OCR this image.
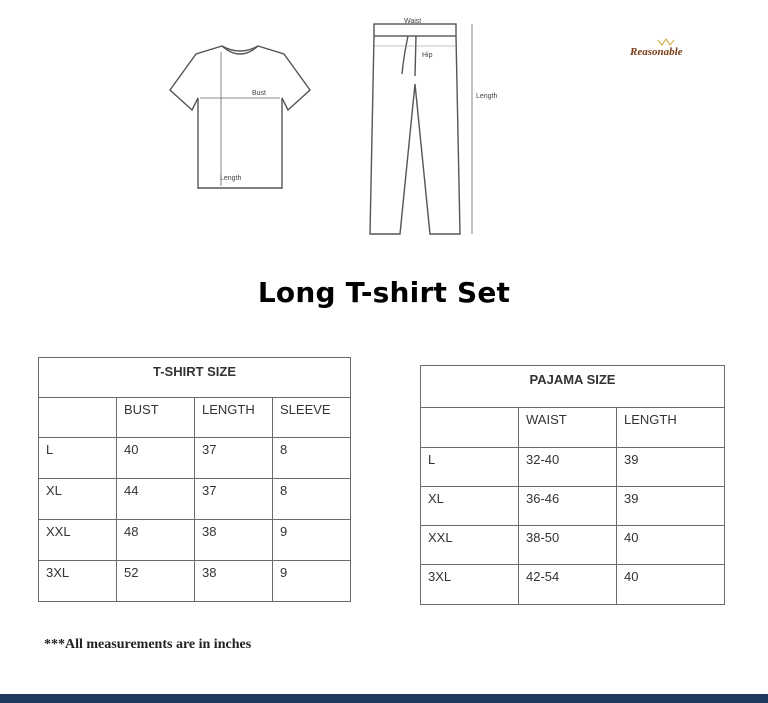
Bust
Length
Waist
Hip
Length
Reasonable
Long T-shirt Set
T-SHIRT SIZE			
	BUST	LENGTH	SLEEVE
L	40	37	8
XL	44	37	8
XXL	48	38	9
3XL	52	38	9
PAJAMA SIZE		
	WAIST	LENGTH
L	32-40	39
XL	36-46	39
XXL	38-50	40
3XL	42-54	40
***All measurements are in inches
